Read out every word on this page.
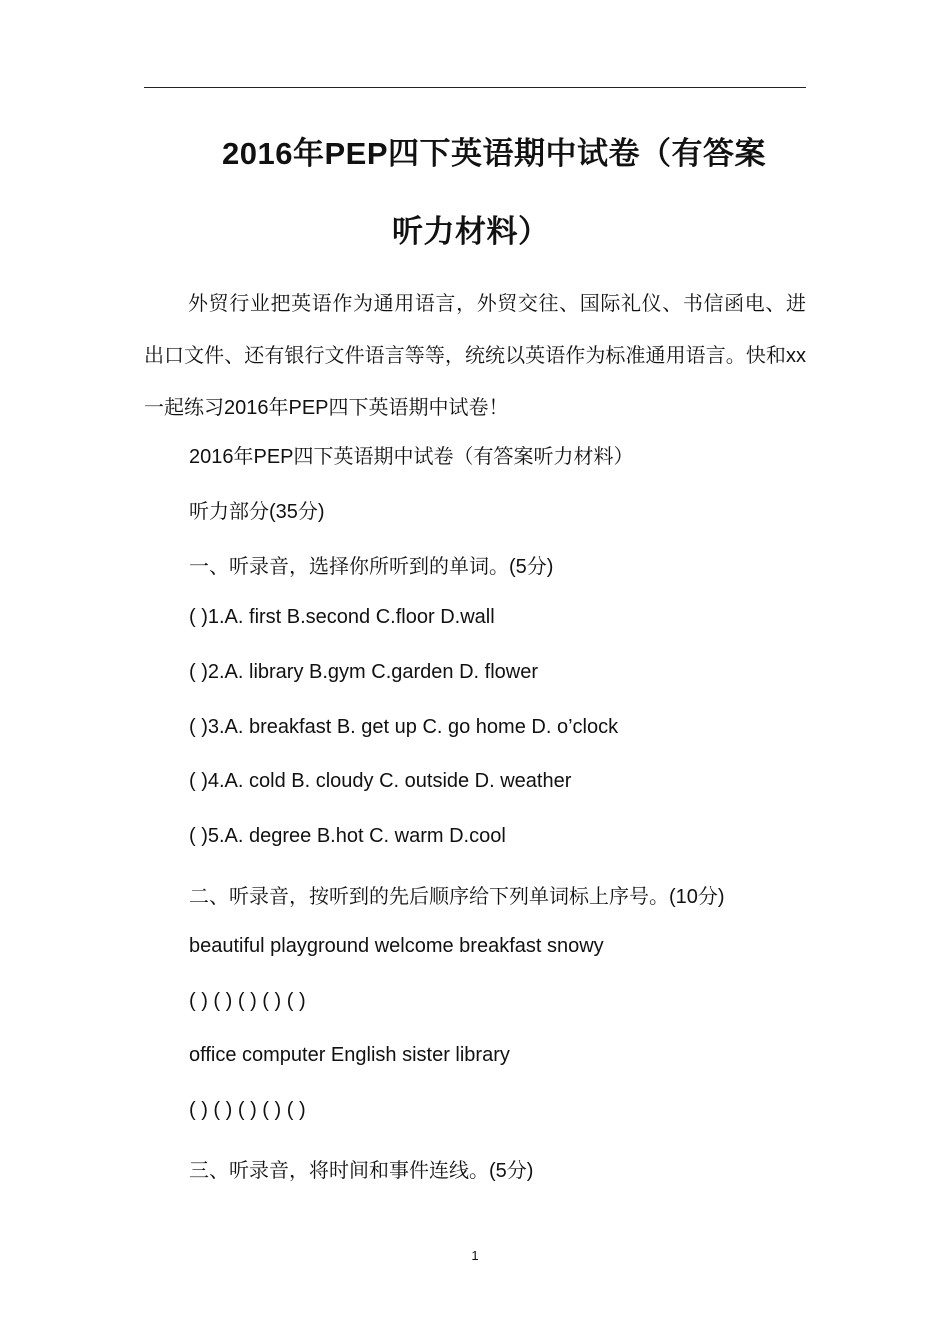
2016年PEP四下英语期中试卷（有答案
听力材料）
外贸行业把英语作为通用语言，外贸交往、国际礼仪、书信函电、进出口文件、还有银行文件语言等等，统统以英语作为标准通用语言。快和xx一起练习2016年PEP四下英语期中试卷！
2016年PEP四下英语期中试卷（有答案听力材料）
听力部分(35分)
一、听录音，选择你所听到的单词。(5分)
( )1.A. first B.second C.floor D.wall
( )2.A. library B.gym C.garden D. flower
( )3.A. breakfast B. get up C. go home D. o’clock
( )4.A. cold B. cloudy C. outside D. weather
( )5.A. degree B.hot C. warm D.cool
二、听录音，按听到的先后顺序给下列单词标上序号。(10分)
beautiful playground welcome breakfast snowy
( ) ( ) ( ) ( ) ( )
office computer English sister library
( ) ( ) ( ) ( ) ( )
三、听录音，将时间和事件连线。(5分)
1
